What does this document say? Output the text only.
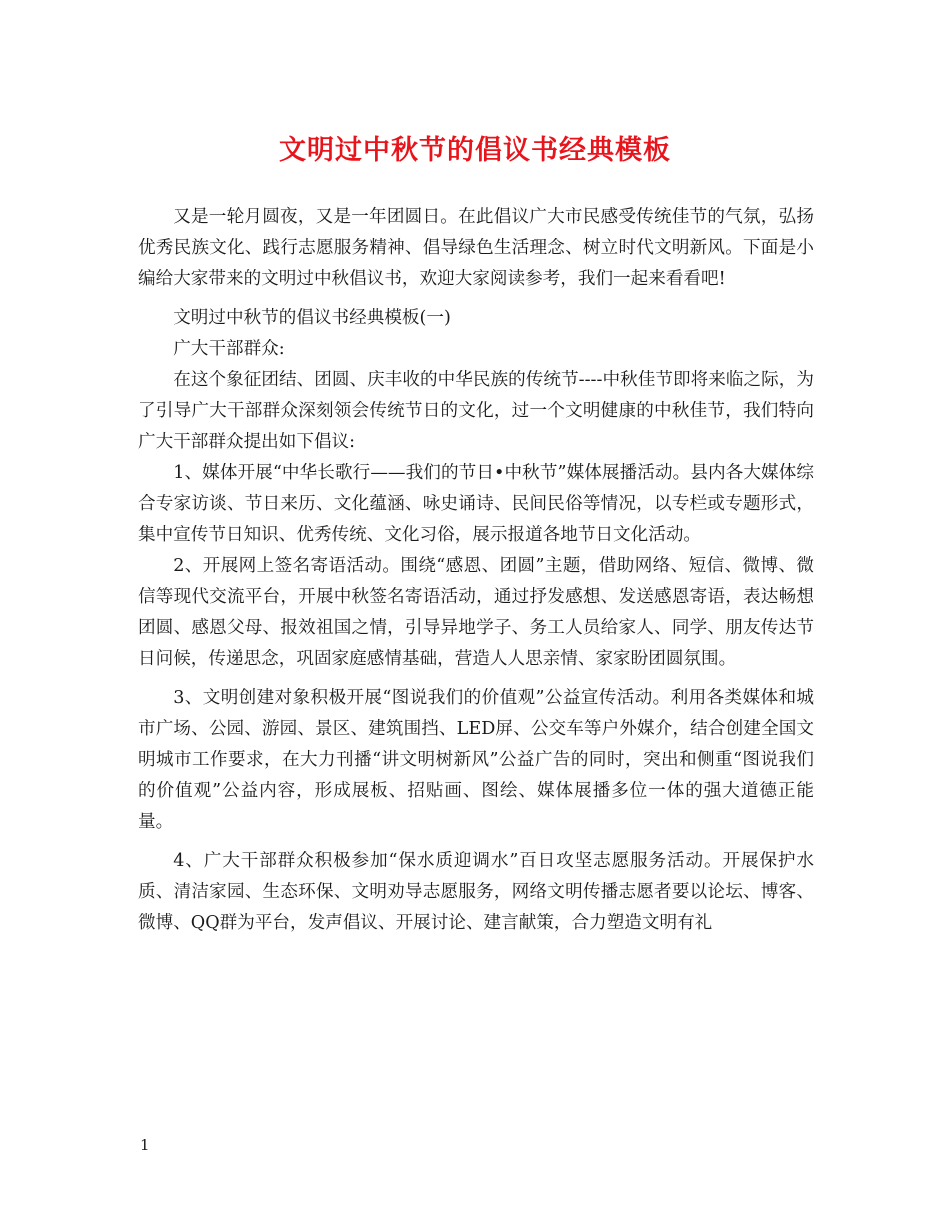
文明过中秋节的倡议书经典模板

又是一轮月圆夜，又是一年团圆日。在此倡议广大市民感受传统佳节的气氛，弘扬优秀民族文化、践行志愿服务精神、倡导绿色生活理念、树立时代文明新风。下面是小编给大家带来的文明过中秋倡议书，欢迎大家阅读参考，我们一起来看看吧!

文明过中秋节的倡议书经典模板(一)

广大干部群众:

在这个象征团结、团圆、庆丰收的中华民族的传统节----中秋佳节即将来临之际，为了引导广大干部群众深刻领会传统节日的文化，过一个文明健康的中秋佳节，我们特向广大干部群众提出如下倡议:

1、媒体开展“中华长歌行——我们的节日•中秋节”媒体展播活动。县内各大媒体综合专家访谈、节日来历、文化蕴涵、咏史诵诗、民间民俗等情况，以专栏或专题形式，集中宣传节日知识、优秀传统、文化习俗，展示报道各地节日文化活动。

2、开展网上签名寄语活动。围绕“感恩、团圆”主题，借助网络、短信、微博、微信等现代交流平台，开展中秋签名寄语活动，通过抒发感想、发送感恩寄语，表达畅想团圆、感恩父母、报效祖国之情，引导异地学子、务工人员给家人、同学、朋友传达节日问候，传递思念，巩固家庭感情基础，营造人人思亲情、家家盼团圆氛围。

3、文明创建对象积极开展“图说我们的价值观”公益宣传活动。利用各类媒体和城市广场、公园、游园、景区、建筑围挡、LED屏、公交车等户外媒介，结合创建全国文明城市工作要求，在大力刊播“讲文明树新风”公益广告的同时，突出和侧重“图说我们的价值观”公益内容，形成展板、招贴画、图绘、媒体展播多位一体的强大道德正能量。

4、广大干部群众积极参加“保水质迎调水”百日攻坚志愿服务活动。开展保护水质、清洁家园、生态环保、文明劝导志愿服务，网络文明传播志愿者要以论坛、博客、微博、QQ群为平台，发声倡议、开展讨论、建言献策，合力塑造文明有礼

1
